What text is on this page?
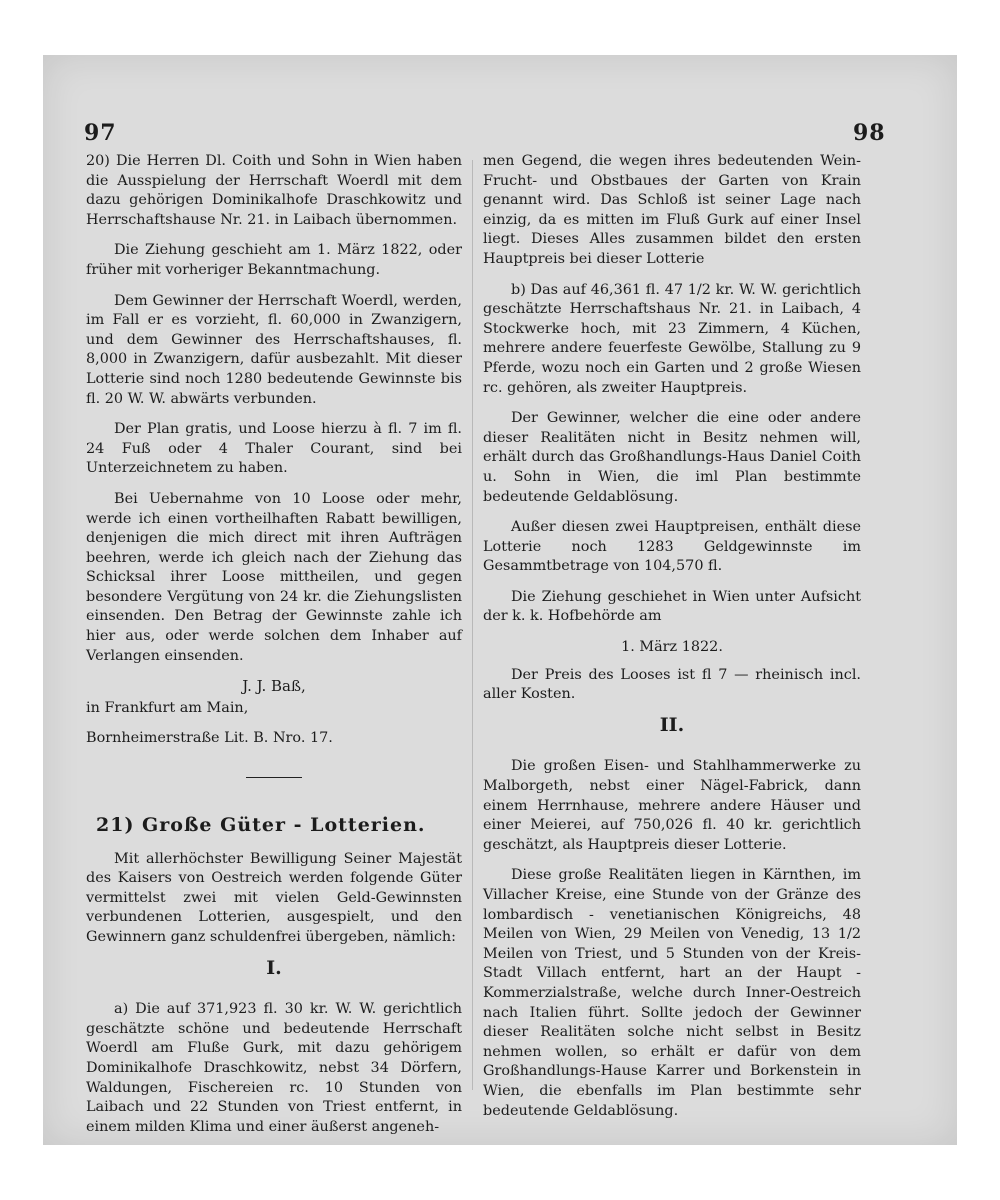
97	98

20) Die Herren Dl. Coith und Sohn in Wien haben die Ausspielung der Herrschaft Woerdl mit dem dazu gehörigen Dominikalhofe Draschkowitz und Herrschaftshause Nr. 21. in Laibach übernommen.

Die Ziehung geschieht am 1. März 1822, oder früher mit vorheriger Bekanntmachung.

Dem Gewinner der Herrschaft Woerdl, werden, im Fall er es vorzieht, fl. 60,000 in Zwanzigern, und dem Gewinner des Herrschaftshauses, fl. 8,000 in Zwanzigern, dafür ausbezahlt. Mit dieser Lotterie sind noch 1280 bedeutende Gewinnste bis fl. 20 W. W. abwärts verbunden.

Der Plan gratis, und Loose hierzu à fl. 7 im fl. 24 Fuß oder 4 Thaler Courant, sind bei Unterzeichnetem zu haben.

Bei Uebernahme von 10 Loose oder mehr, werde ich einen vortheilhaften Rabatt bewilligen, denjenigen die mich direct mit ihren Aufträgen beehren, werde ich gleich nach der Ziehung das Schicksal ihrer Loose mittheilen, und gegen besondere Vergütung von 24 kr. die Ziehungslisten einsenden. Den Betrag der Gewinnste zahle ich hier aus, oder werde solchen dem Inhaber auf Verlangen einsenden.

J. J. Baß,

in Frankfurt am Main,

Bornheimerstraße Lit. B. Nro. 17.

21) Große Güter - Lotterien.

Mit allerhöchster Bewilligung Seiner Majestät des Kaisers von Oestreich werden folgende Güter vermittelst zwei mit vielen Geld-Gewinnsten verbundenen Lotterien, ausgespielt, und den Gewinnern ganz schuldenfrei übergeben, nämlich:

I.

a) Die auf 371,923 fl. 30 kr. W. W. gerichtlich geschätzte schöne und bedeutende Herrschaft Woerdl am Fluße Gurk, mit dazu gehörigem Dominikalhofe Draschkowitz, nebst 34 Dörfern, Waldungen, Fischereien rc. 10 Stunden von Laibach und 22 Stunden von Triest entfernt, in einem milden Klima und einer äußerst angeneh-

men Gegend, die wegen ihres bedeutenden Wein-Frucht- und Obstbaues der Garten von Krain genannt wird. Das Schloß ist seiner Lage nach einzig, da es mitten im Fluß Gurk auf einer Insel liegt. Dieses Alles zusammen bildet den ersten Hauptpreis bei dieser Lotterie

b) Das auf 46,361 fl. 47 1/2 kr. W. W. gerichtlich geschätzte Herrschaftshaus Nr. 21. in Laibach, 4 Stockwerke hoch, mit 23 Zimmern, 4 Küchen, mehrere andere feuerfeste Gewölbe, Stallung zu 9 Pferde, wozu noch ein Garten und 2 große Wiesen rc. gehören, als zweiter Hauptpreis.

Der Gewinner, welcher die eine oder andere dieser Realitäten nicht in Besitz nehmen will, erhält durch das Großhandlungs-Haus Daniel Coith u. Sohn in Wien, die iml Plan bestimmte bedeutende Geldablösung.

Außer diesen zwei Hauptpreisen, enthält diese Lotterie noch 1283 Geldgewinnste im Gesammtbetrage von 104,570 fl.

Die Ziehung geschiehet in Wien unter Aufsicht der k. k. Hofbehörde am

1. März 1822.

Der Preis des Looses ist fl 7 — rheinisch incl. aller Kosten.

II.

Die großen Eisen- und Stahlhammerwerke zu Malborgeth, nebst einer Nägel-Fabrick, dann einem Herrnhause, mehrere andere Häuser und einer Meierei, auf 750,026 fl. 40 kr. gerichtlich geschätzt, als Hauptpreis dieser Lotterie.

Diese große Realitäten liegen in Kärnthen, im Villacher Kreise, eine Stunde von der Gränze des lombardisch - venetianischen Königreichs, 48 Meilen von Wien, 29 Meilen von Venedig, 13 1/2 Meilen von Triest, und 5 Stunden von der Kreis-Stadt Villach entfernt, hart an der Haupt - Kommerzialstraße, welche durch Inner-Oestreich nach Italien führt. Sollte jedoch der Gewinner dieser Realitäten solche nicht selbst in Besitz nehmen wollen, so erhält er dafür von dem Großhandlungs-Hause Karrer und Borkenstein in Wien, die ebenfalls im Plan bestimmte sehr bedeutende Geldablösung.
